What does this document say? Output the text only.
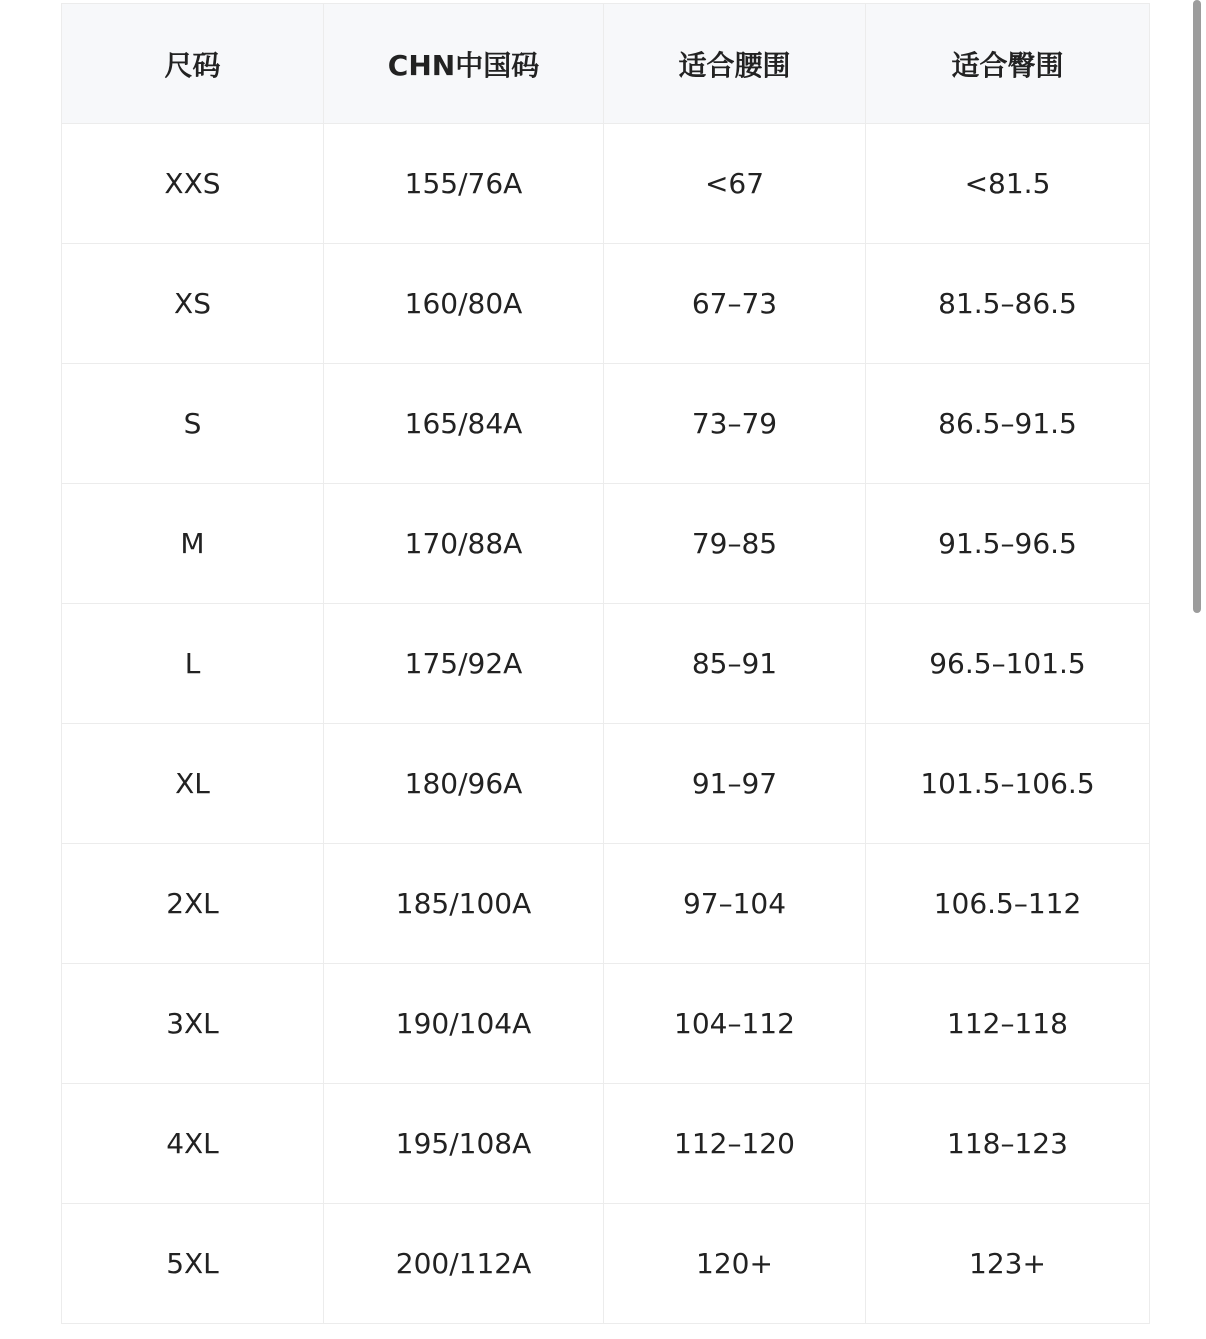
尺码	CHN中国码	适合腰围	适合臀围
XXS	155/76A	<67	<81.5
XS	160/80A	67–73	81.5–86.5
S	165/84A	73–79	86.5–91.5
M	170/88A	79–85	91.5–96.5
L	175/92A	85–91	96.5–101.5
XL	180/96A	91–97	101.5–106.5
2XL	185/100A	97–104	106.5–112
3XL	190/104A	104–112	112–118
4XL	195/108A	112–120	118–123
5XL	200/112A	120+	123+
